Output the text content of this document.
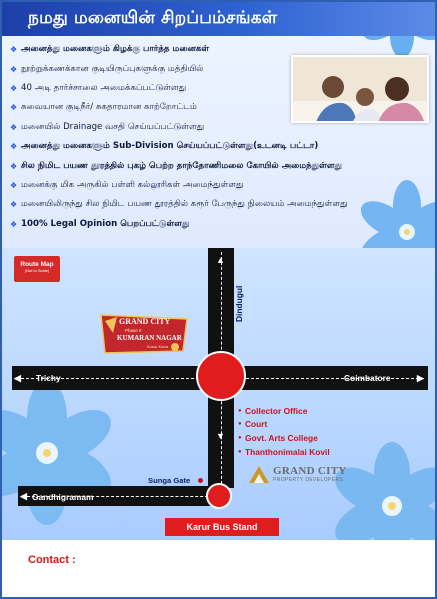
நமது மனையின் சிறப்பம்சங்கள்
❖ அனைத்து மனைகளும் கிழக்கு பார்த்த மனைகள்
❖ நூற்றுக்கணக்கான குடியிருப்புகளுக்கு மத்தியில்
❖ 40 அடி தார்ச்சாலை அமைக்கப்பட்டுள்ளது
❖ சுவையான குடிநீர்/ சுகதாரமான காற்றோட்டம்
❖ மனையில் Drainage வசதி செய்யப்பட்டுள்ளது
❖ அனைத்து மனைகளும் Sub-Division செய்யப்பட்டுள்ளது(உடனடி பட்டா)
❖ சில நிமிட பயண தூரத்தில் புகழ் பெற்ற தாந்தோணிமலை கோயில் அமைந்துள்ளது
❖ மனைக்கு மிக அருகில் பள்ளி கல்லூரிகள் அமைந்துள்ளது
❖ மனையிலிருந்து சில நிமிட பயண தூரத்தில் கரூர் பேருந்து நிலையம் அமைந்துள்ளது
❖ 100% Legal Opinion பெறப்பட்டுள்ளது
Route Map
(Not to Scale)
▲
◀	▶
▼
◀
Dindugul
Trichy	Coimbatore
Gandhigramam
Sunga Gate
● Collector Office
● Court
● Govt. Arts College
● Thanthonimalai Kovil
GRAND CITY
Phase II
KUMARAN NAGAR
Kosur Karur
Karur Bus Stand
GRAND CITY
PROPERTY DEVELOPERS
Contact :
